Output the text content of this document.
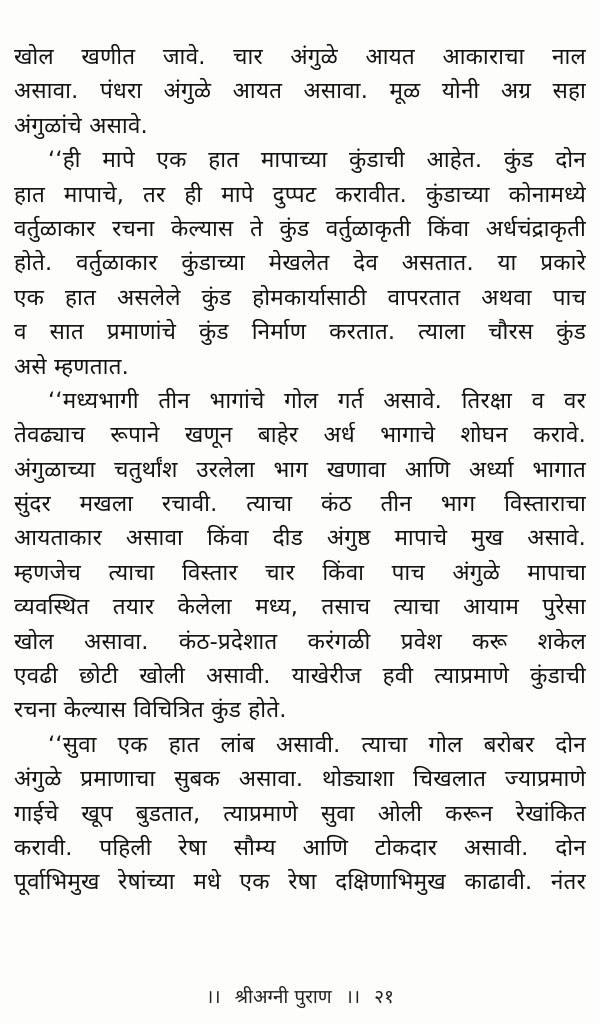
खोल खणीत जावे. चार अंगुळे आयत आकाराचा नाल
असावा. पंधरा अंगुळे आयत असावा. मूळ योनी अग्र सहा
अंगुळांचे असावे.
‘‘ही मापे एक हात मापाच्या कुंडाची आहेत. कुंड दोन
हात मापाचे, तर ही मापे दुप्पट करावीत. कुंडाच्या कोनामध्ये
वर्तुळाकार रचना केल्यास ते कुंड वर्तुळाकृती किंवा अर्धचंद्राकृती
होते. वर्तुळाकार कुंडाच्या मेखलेत देव असतात. या प्रकारे
एक हात असलेले कुंड होमकार्यासाठी वापरतात अथवा पाच
व सात प्रमाणांचे कुंड निर्माण करतात. त्याला चौरस कुंड
असे म्हणतात.
‘‘मध्यभागी तीन भागांचे गोल गर्त असावे. तिरक्षा व वर
तेवढ्याच रूपाने खणून बाहेर अर्ध भागाचे शोघन करावे.
अंगुळाच्या चतुर्थांश उरलेला भाग खणावा आणि अर्ध्या भागात
सुंदर मखला रचावी. त्याचा कंठ तीन भाग विस्ताराचा
आयताकार असावा किंवा दीड अंगुष्ठ मापाचे मुख असावे.
म्हणजेच त्याचा विस्तार चार किंवा पाच अंगुळे मापाचा
व्यवस्थित तयार केलेला मध्य, तसाच त्याचा आयाम पुरेसा
खोल असावा. कंठ-प्रदेशात करंगळी प्रवेश करू शकेल
एवढी छोटी खोली असावी. याखेरीज हवी त्याप्रमाणे कुंडाची
रचना केल्यास विचित्रित कुंड होते.
‘‘सुवा एक हात लांब असावी. त्याचा गोल बरोबर दोन
अंगुळे प्रमाणाचा सुबक असावा. थोड्याशा चिखलात ज्याप्रमाणे
गाईचे खूप बुडतात, त्याप्रमाणे सुवा ओली करून रेखांकित
करावी. पहिली रेषा सौम्य आणि टोकदार असावी. दोन
पूर्वाभिमुख रेषांच्या मधे एक रेषा दक्षिणाभिमुख काढावी. नंतर
।। श्रीअग्नी पुराण ।। २१
